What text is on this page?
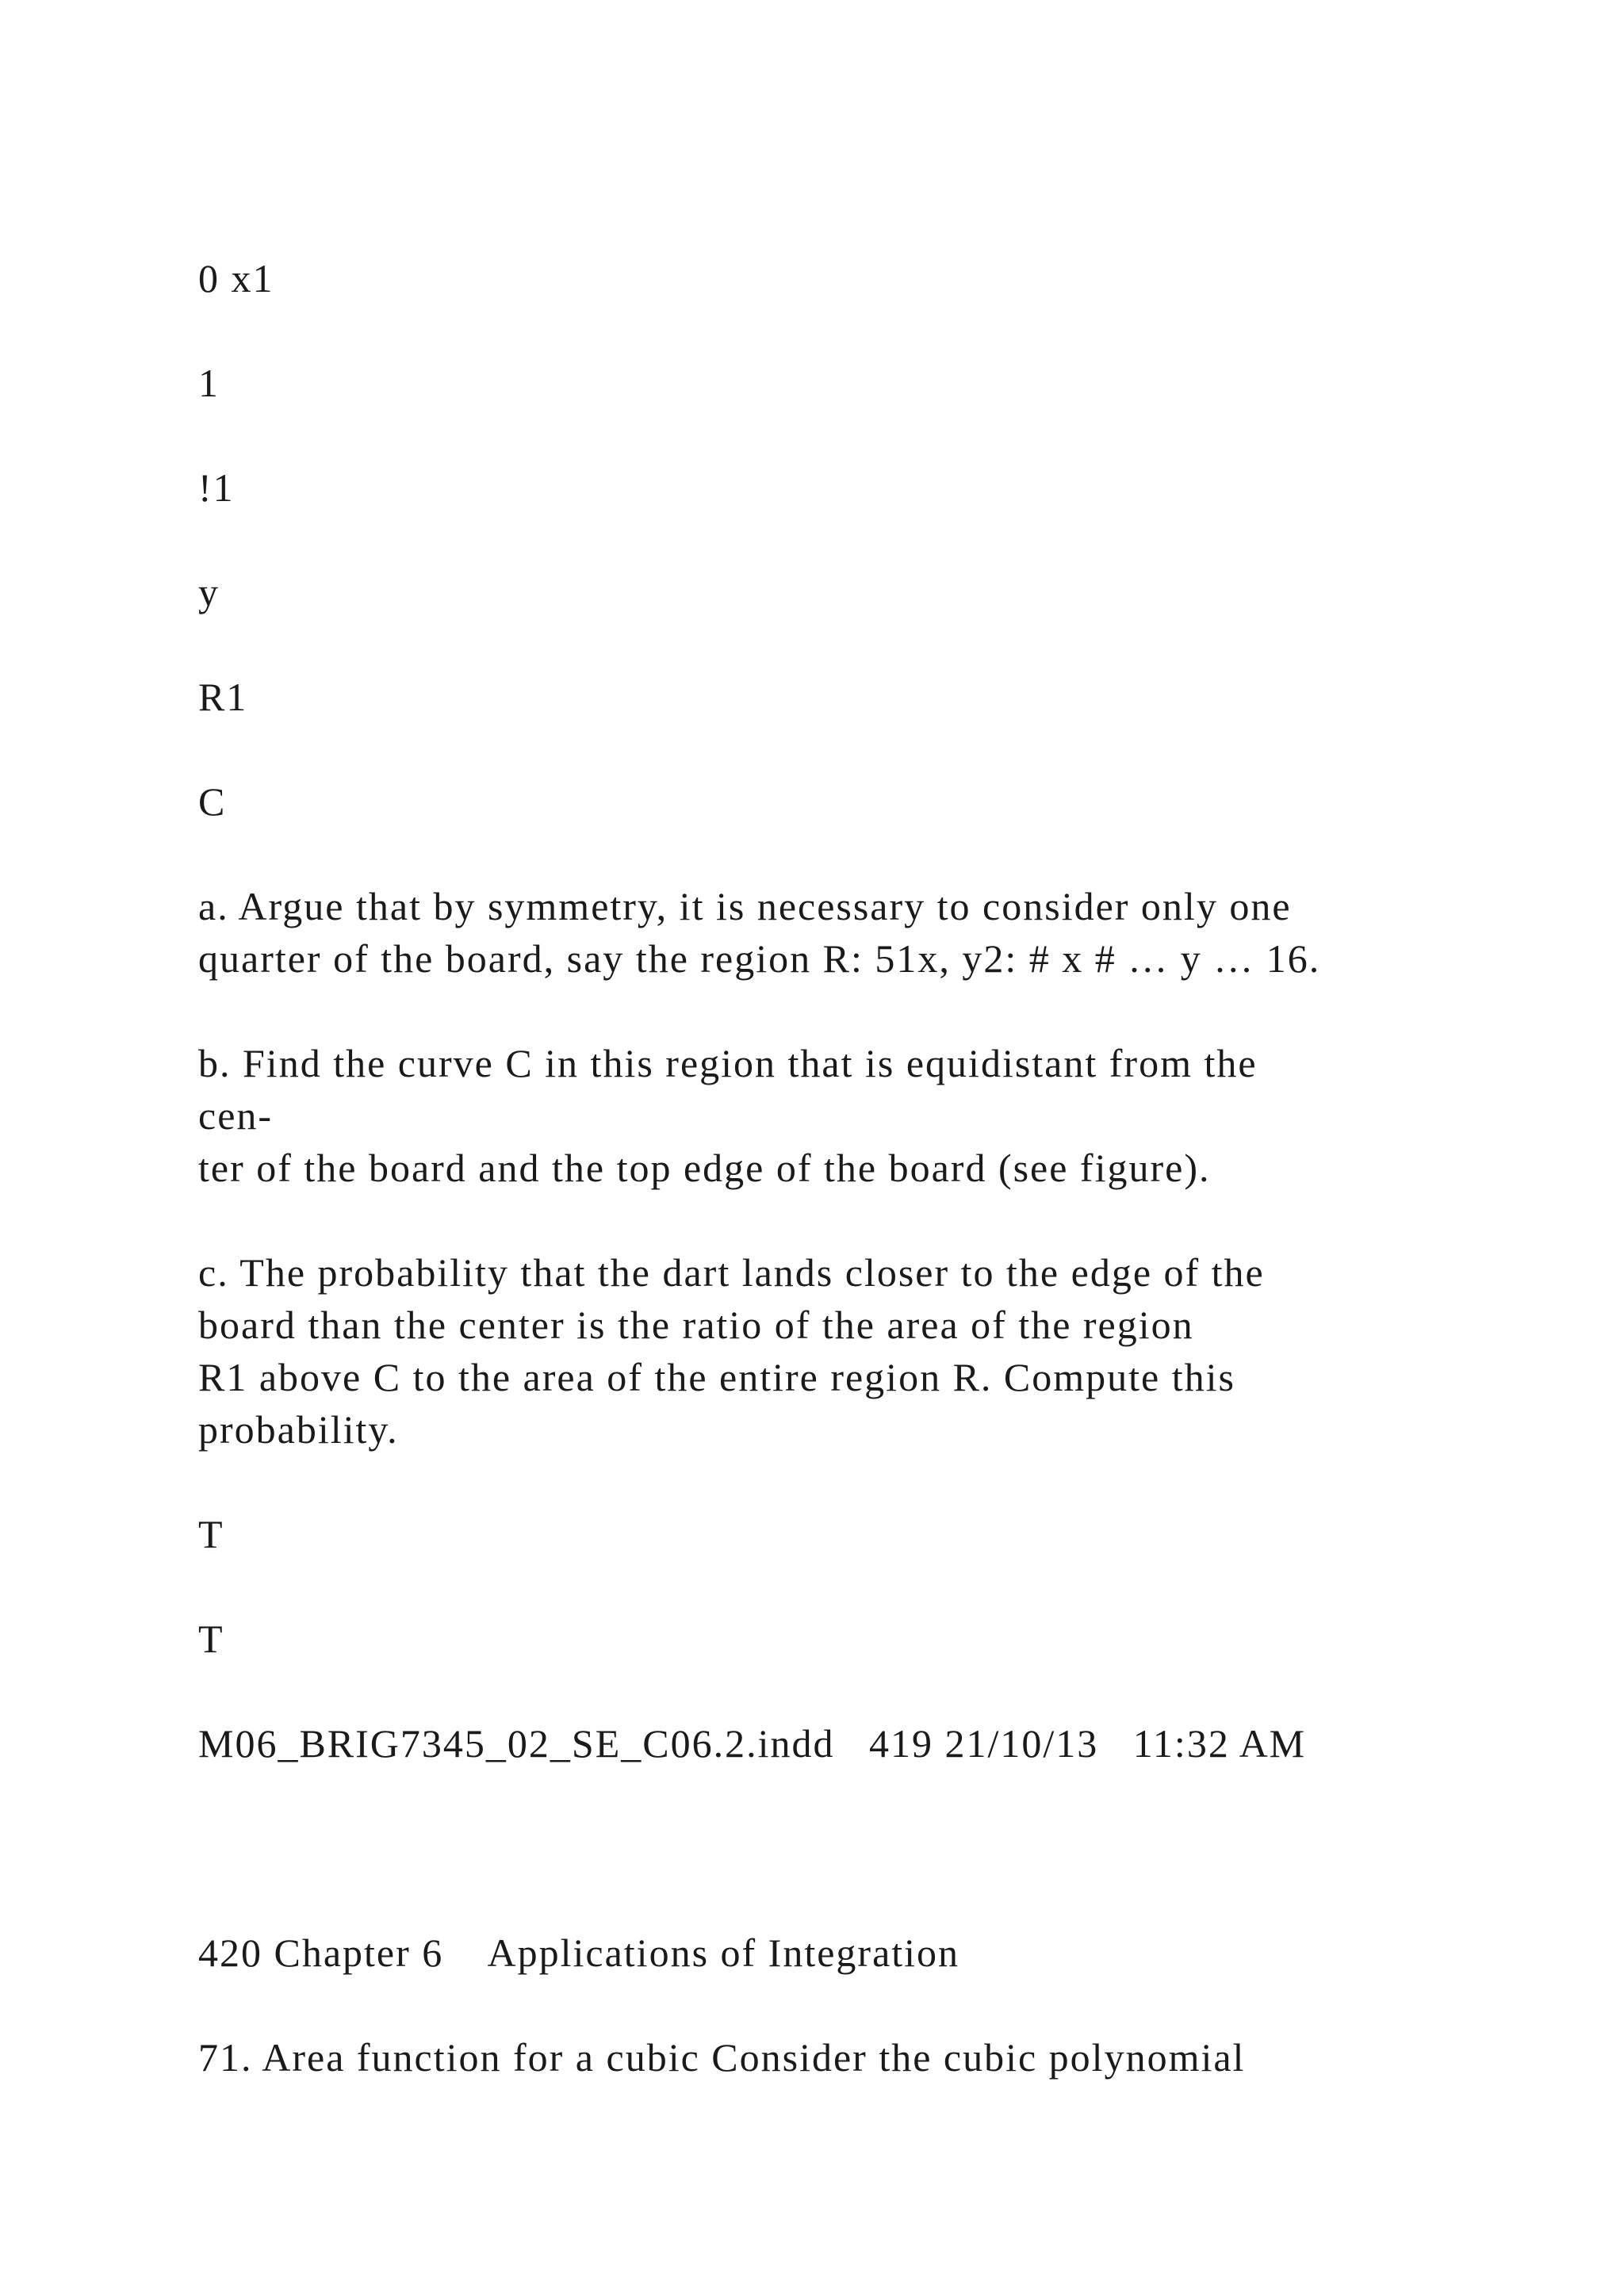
0 x1
1
!1
y
R1
C
a. Argue that by symmetry, it is necessary to consider only one
quarter of the board, say the region R: 51x, y2: # x # … y … 16.
b. Find the curve C in this region that is equidistant from the
cen-
ter of the board and the top edge of the board (see figure).
c. The probability that the dart lands closer to the edge of the
board than the center is the ratio of the area of the region
R1 above C to the area of the entire region R. Compute this
probability.
T
T
M06_BRIG7345_02_SE_C06.2.indd   419 21/10/13   11:32 AM
420 Chapter 6    Applications of Integration
71. Area function for a cubic Consider the cubic polynomial
